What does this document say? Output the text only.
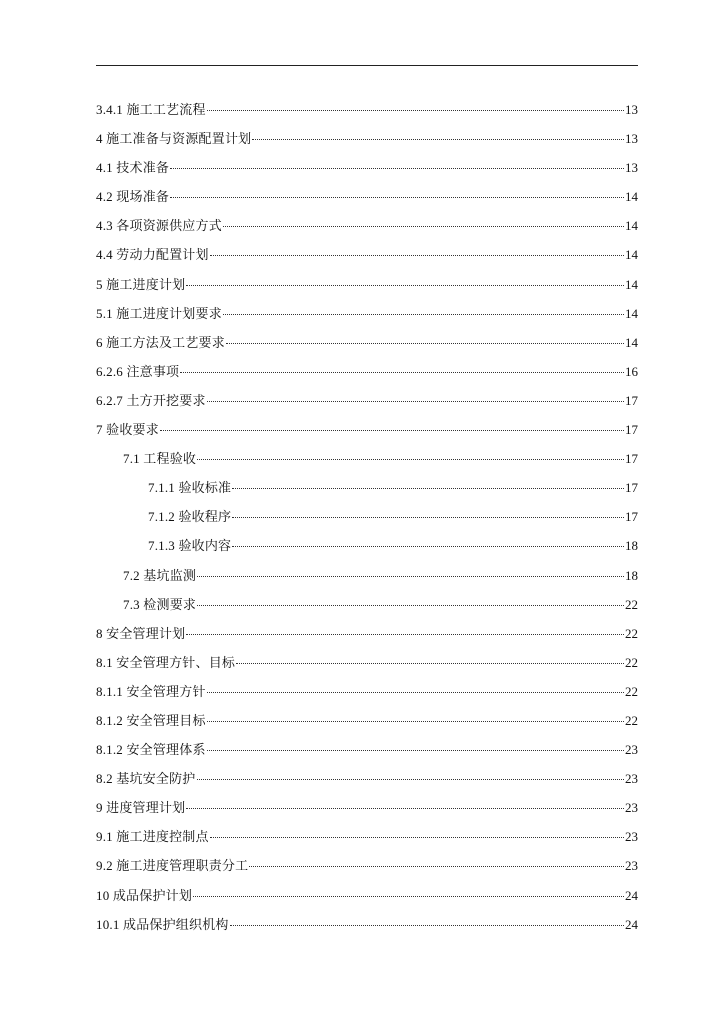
3.4.1 施工工艺流程	13
4 施工准备与资源配置计划	13
4.1 技术准备	13
4.2 现场准备	14
4.3 各项资源供应方式	14
4.4 劳动力配置计划	14
5 施工进度计划	14
5.1 施工进度计划要求	14
6 施工方法及工艺要求	14
6.2.6 注意事项	16
6.2.7 土方开挖要求	17
7 验收要求	17
7.1 工程验收	17
7.1.1 验收标准	17
7.1.2 验收程序	17
7.1.3 验收内容	18
7.2 基坑监测	18
7.3 检测要求	22
8 安全管理计划	22
8.1 安全管理方针、目标	22
8.1.1 安全管理方针	22
8.1.2 安全管理目标	22
8.1.2 安全管理体系	23
8.2 基坑安全防护	23
9 进度管理计划	23
9.1 施工进度控制点	23
9.2 施工进度管理职责分工	23
10 成品保护计划	24
10.1 成品保护组织机构	24
